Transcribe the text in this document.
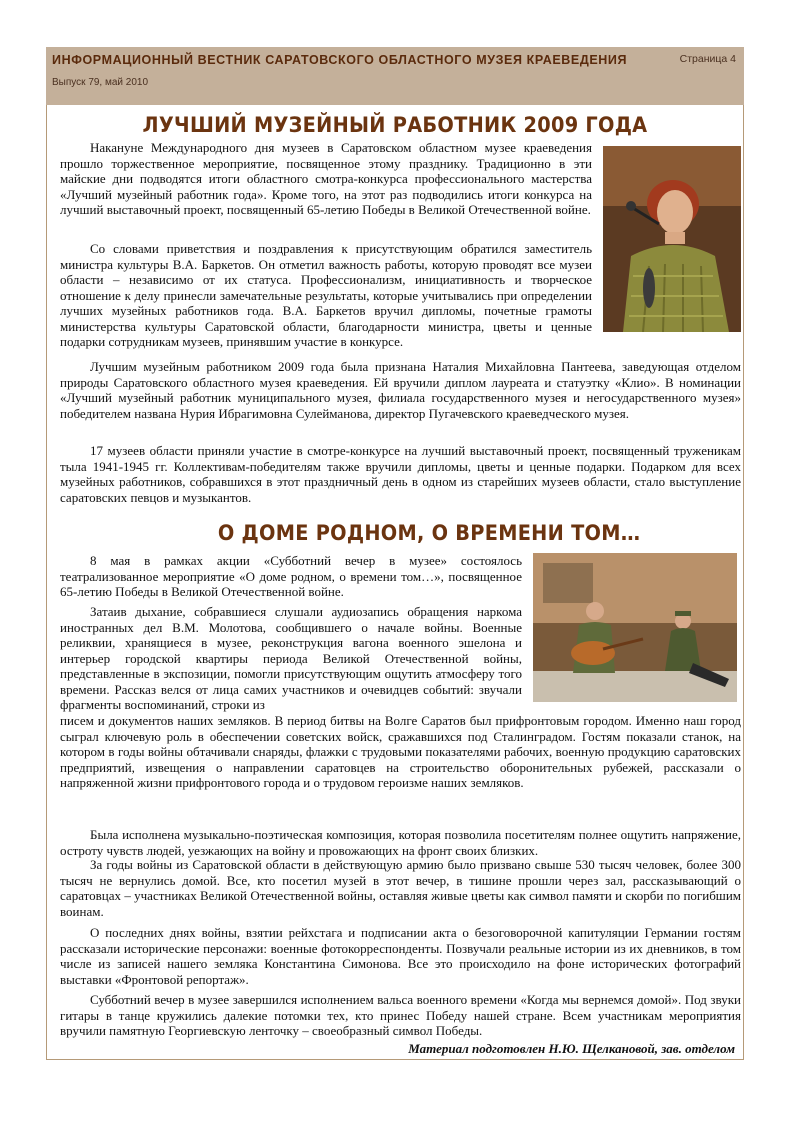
ИНФОРМАЦИОННЫЙ ВЕСТНИК САРАТОВСКОГО ОБЛАСТНОГО МУЗЕЯ КРАЕВЕДЕНИЯ
Выпуск 79, май 2010
Страница 4
ЛУЧШИЙ МУЗЕЙНЫЙ РАБОТНИК 2009 ГОДА

Накануне Международного дня музеев в Саратовском областном музее краеведения прошло торжественное мероприятие, посвященное этому празднику. Традиционно в эти майские дни подводятся итоги областного смотра-конкурса профессионального мастерства «Лучший музейный работник года». Кроме того, на этот раз подводились итоги конкурса на лучший выставочный проект, посвященный 65-летию Победы в Великой Отечественной войне.

Со словами приветствия и поздравления к присутствующим обратился заместитель министра культуры В.А. Баркетов. Он отметил важность работы, которую проводят все музеи области – независимо от их статуса. Профессионализм, инициативность и творческое отношение к делу принесли замечательные результаты, которые учитывались при определении лучших музейных работников года. В.А. Баркетов вручил дипломы, почетные грамоты министерства культуры Саратовской области, благодарности министра, цветы и ценные подарки сотрудникам музеев, принявшим участие в конкурсе.

Лучшим музейным работником 2009 года была признана Наталия Михайловна Пантеева, заведующая отделом природы Саратовского областного музея краеведения. Ей вручили диплом лауреата и статуэтку «Клио». В номинации «Лучший музейный работник муниципального музея, филиала государственного музея и негосударственного музея» победителем названа Нурия Ибрагимовна Сулейманова, директор Пугачевского краеведческого музея.

17 музеев области приняли участие в смотре-конкурсе на лучший выставочный проект, посвященный труженикам тыла 1941-1945 гг. Коллективам-победителям также вручили дипломы, цветы и ценные подарки. Подарком для всех музейных работников, собравшихся в этот праздничный день в одном из старейших музеев области, стало выступление саратовских певцов и музыкантов.

О ДОМЕ РОДНОМ, О ВРЕМЕНИ ТОМ…

8 мая в рамках акции «Субботний вечер в музее» состоялось театрализованное мероприятие «О доме родном, о времени том…», посвященное 65-летию Победы в Великой Отечественной войне.

Затаив дыхание, собравшиеся слушали аудиозапись обращения наркома иностранных дел В.М. Молотова, сообщившего о начале войны. Военные реликвии, хранящиеся в музее, реконструкция вагона военного эшелона и интерьер городской квартиры периода Великой Отечественной войны, представленные в экспозиции, помогли присутствующим ощутить атмосферу того времени. Рассказ велся от лица самих участников и очевидцев событий: звучали фрагменты воспоминаний, строки из

писем и документов наших земляков. В период битвы на Волге Саратов был прифронтовым городом. Именно наш город сыграл ключевую роль в обеспечении советских войск, сражавшихся под Сталинградом. Гостям показали станок, на котором в годы войны обтачивали снаряды, флажки с трудовыми показателями рабочих, военную продукцию саратовских предприятий, извещения о направлении саратовцев на строительство оборонительных рубежей, рассказали о напряженной жизни прифронтового города и о трудовом героизме наших земляков.

Была исполнена музыкально-поэтическая композиция, которая позволила посетителям полнее ощутить напряжение, остроту чувств людей, уезжающих на войну и провожающих на фронт своих близких.

За годы войны из Саратовской области в действующую армию было призвано свыше 530 тысяч человек, более 300 тысяч не вернулись домой. Все, кто посетил музей в этот вечер, в тишине прошли через зал, рассказывающий о саратовцах – участниках Великой Отечественной войны, оставляя живые цветы как символ памяти и скорби по погибшим воинам.

О последних днях войны, взятии рейхстага и подписании акта о безоговорочной капитуляции Германии гостям рассказали исторические персонажи: военные фотокорреспонденты. Позвучали реальные истории из их дневников, в том числе из записей нашего земляка Константина Симонова. Все это происходило на фоне исторических фотографий выставки «Фронтовой репортаж».

Субботний вечер в музее завершился исполнением вальса военного времени «Когда мы вернемся домой». Под звуки гитары в танце кружились далекие потомки тех, кто принес Победу нашей стране. Всем участникам мероприятия вручили памятную Георгиевскую ленточку – своеобразный символ Победы.

Материал подготовлен Н.Ю. Щелкановой, зав. отделом
